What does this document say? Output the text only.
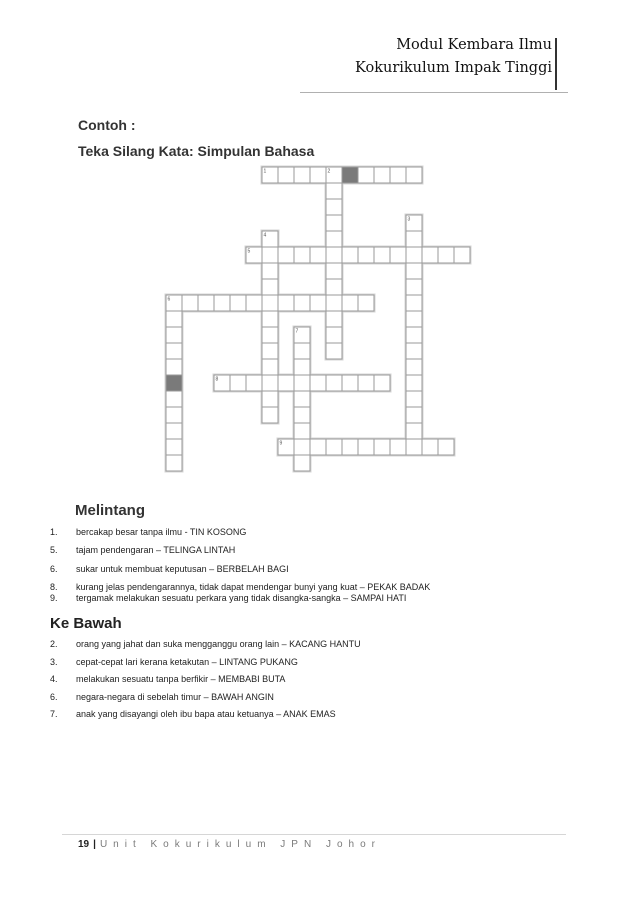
Modul Kembara Ilmu
Kokurikulum Impak Tinggi
Contoh :
Teka Silang Kata: Simpulan Bahasa
1	2
5
6
8
9
3
4
7
Melintang
1. bercakap besar tanpa ilmu - TIN KOSONG
5. tajam pendengaran – TELINGA LINTAH
6. sukar untuk membuat keputusan – BERBELAH BAGI
8. kurang jelas pendengarannya, tidak dapat mendengar bunyi yang kuat – PEKAK BADAK
9. tergamak melakukan sesuatu perkara yang tidak disangka-sangka – SAMPAI HATI
Ke Bawah
2. orang yang jahat dan suka mengganggu orang lain – KACANG HANTU
3. cepat-cepat lari kerana ketakutan – LINTANG PUKANG
4. melakukan sesuatu tanpa berfikir – MEMBABI BUTA
6. negara-negara di sebelah timur – BAWAH ANGIN
7. anak yang disayangi oleh ibu bapa atau ketuanya – ANAK EMAS
19 | Unit Kokurikulum JPN Johor
